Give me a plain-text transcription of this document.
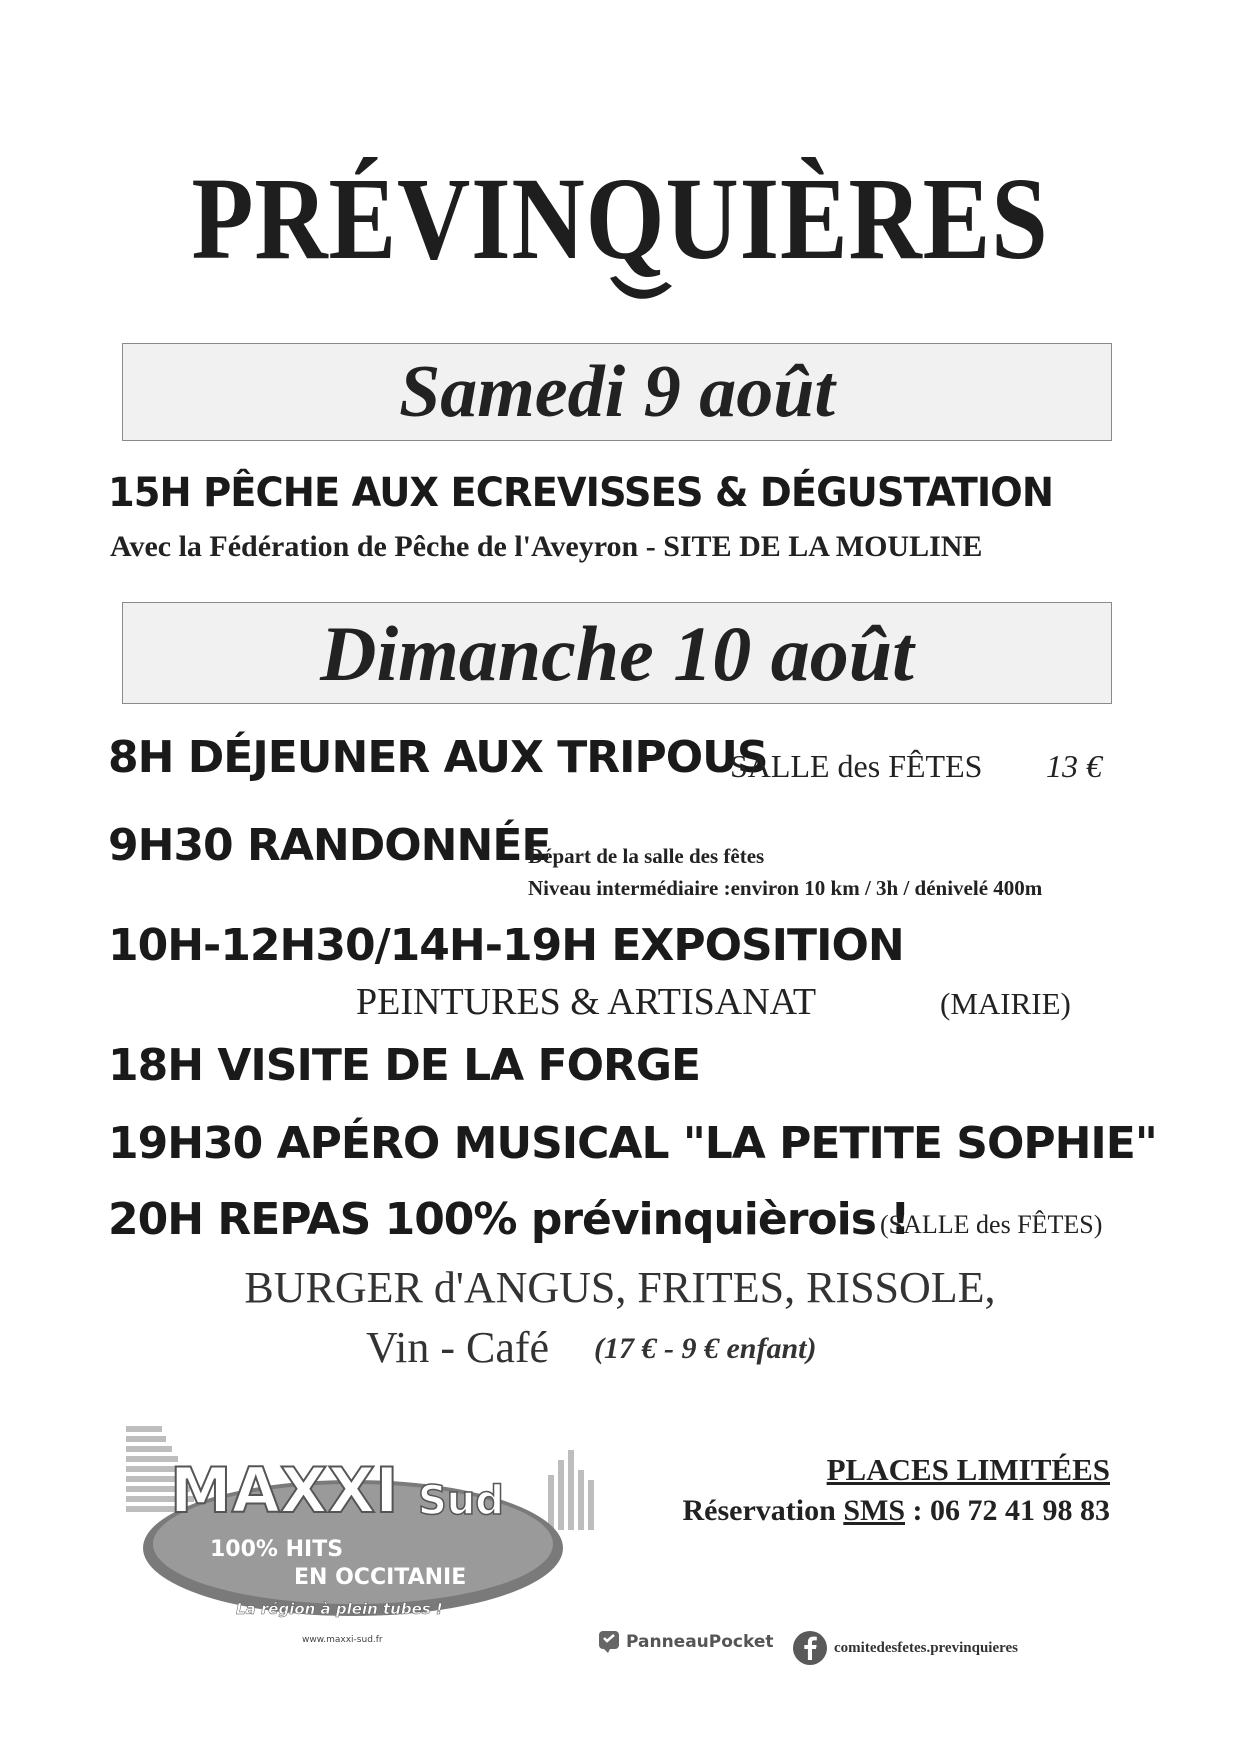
PRÉVINQUIÈRES
Samedi 9 août
15H PÊCHE AUX ECREVISSES & DÉGUSTATION
Avec la Fédération de Pêche de l'Aveyron - SITE DE LA MOULINE
Dimanche 10 août
8H DÉJEUNER AUX TRIPOUS
SALLE des FÊTES 13 €
9H30 RANDONNÉE
Départ de la salle des fêtes
Niveau intermédiaire :environ 10 km / 3h / dénivelé 400m
10H-12H30/14H-19H EXPOSITION
PEINTURES & ARTISANAT	(MAIRIE)
18H VISITE DE LA FORGE
19H30 APÉRO MUSICAL "LA PETITE SOPHIE"
20H REPAS 100% prévinquièrois !
(SALLE des FÊTES)
BURGER d'ANGUS, FRITES, RISSOLE,
Vin - Café (17 € - 9 € enfant)
MAXXI Sud
100% HITS
EN OCCITANIE
La région à plein tubes !
www.maxxi-sud.fr
PLACES LIMITÉES
Réservation SMS : 06 72 41 98 83
PanneauPocket	comitedesfetes.previnquieres
